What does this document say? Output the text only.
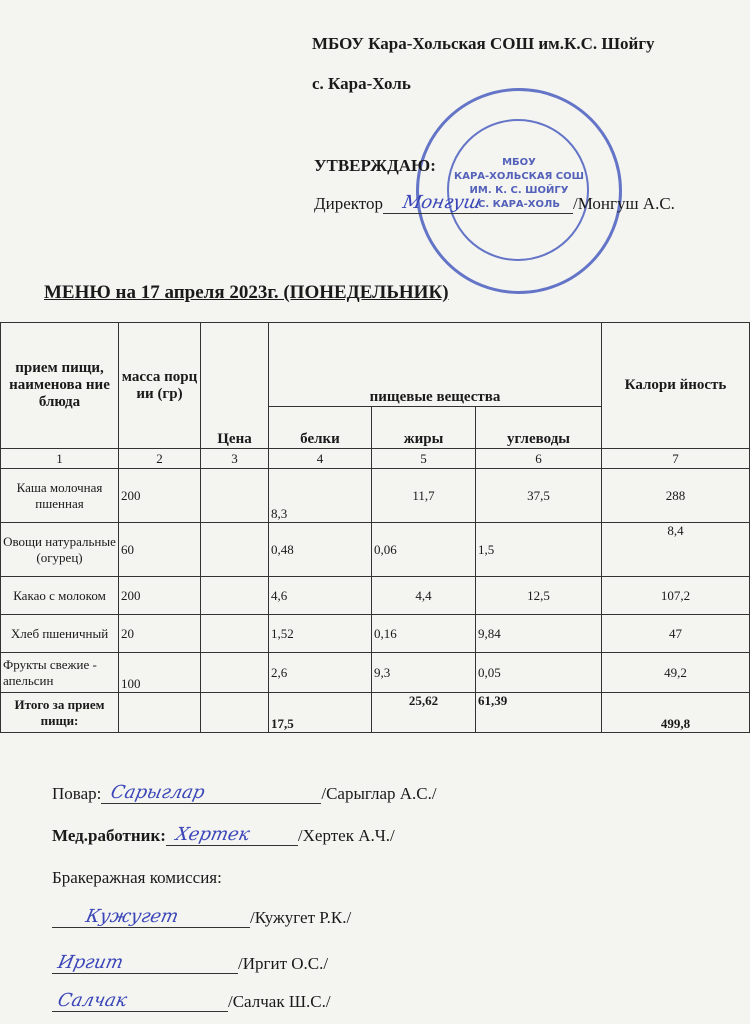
МБОУ Кара-Хольская СОШ им.К.С. Шойгу
с. Кара-Холь
МБОУ
КАРА-ХОЛЬСКАЯ СОШ
ИМ. К. С. ШОЙГУ
С. КАРА-ХОЛЬ
УТВЕРЖДАЮ:
Директор Монгуш	/Монгуш А.С.
МЕНЮ на 17 апреля 2023г. (ПОНЕДЕЛЬНИК)
прием пищи, наименова ние блюда	масса порц ии (гр)	Цена	пищевые вещества			Калори йность
			белки	жиры	углеводы	
1	2	3	4	5	6	7
Каша молочная пшенная	200		8,3	11,7	37,5	288
Овощи натуральные (огурец)	60		0,48	0,06	1,5	8,4
Какао с молоком	200		4,6	4,4	12,5	107,2
Хлеб пшеничный	20		1,52	0,16	9,84	47
Фрукты свежие - апельсин	100		2,6	9,3	0,05	49,2
Итого за прием пищи:			17,5	25,62	61,39	499,8
Повар: Сарыглар	/Сарыглар А.С./
Мед.работник: Хертек	/Хертек А.Ч./
Бракеражная комиссия:
Кужугет	/Кужугет Р.К./
Иргит	/Иргит О.С./
Салчак	/Салчак Ш.С./
